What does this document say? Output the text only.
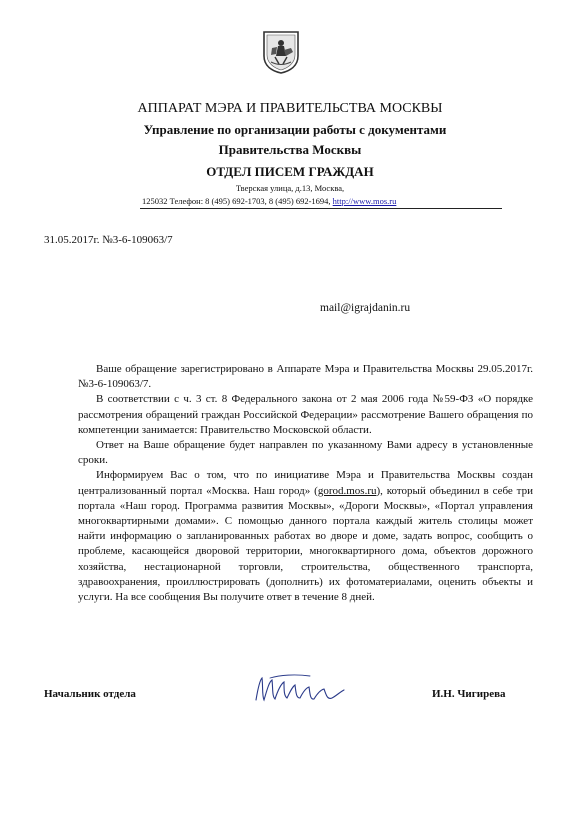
АППАРАТ МЭРА И ПРАВИТЕЛЬСТВА МОСКВЫ
Управление по организации работы с документами
Правительства Москвы
ОТДЕЛ ПИСЕМ ГРАЖДАН
Тверская улица, д.13, Москва,
125032 Телефон: 8 (495) 692-1703, 8 (495) 692-1694, http://www.mos.ru
31.05.2017г. №3-6-109063/7
mail@igrajdanin.ru

Ваше обращение зарегистрировано в Аппарате Мэра и Правительства Москвы 29.05.2017г. №3-6-109063/7.

В соответствии с ч. 3 ст. 8 Федерального закона от 2 мая 2006 года №59-ФЗ «О порядке рассмотрения обращений граждан Российской Федерации» рассмотрение Вашего обращения по компетенции занимается: Правительство Московской области.

Ответ на Ваше обращение будет направлен по указанному Вами адресу в установленные сроки.

Информируем Вас о том, что по инициативе Мэра и Правительства Москвы создан централизованный портал «Москва. Наш город» (gorod.mos.ru), который объединил в себе три портала «Наш город. Программа развития Москвы», «Дороги Москвы», «Портал управления многоквартирными домами». С помощью данного портала каждый житель столицы может найти информацию о запланированных работах во дворе и доме, задать вопрос, сообщить о проблеме, касающейся дворовой территории, многоквартирного дома, объектов дорожного хозяйства, нестационарной торговли, строительства, общественного транспорта, здравоохранения, проиллюстрировать (дополнить) их фотоматериалами, оценить объекты и услуги. На все сообщения Вы получите ответ в течение 8 дней.

Начальник отдела	И.Н. Чигирева
